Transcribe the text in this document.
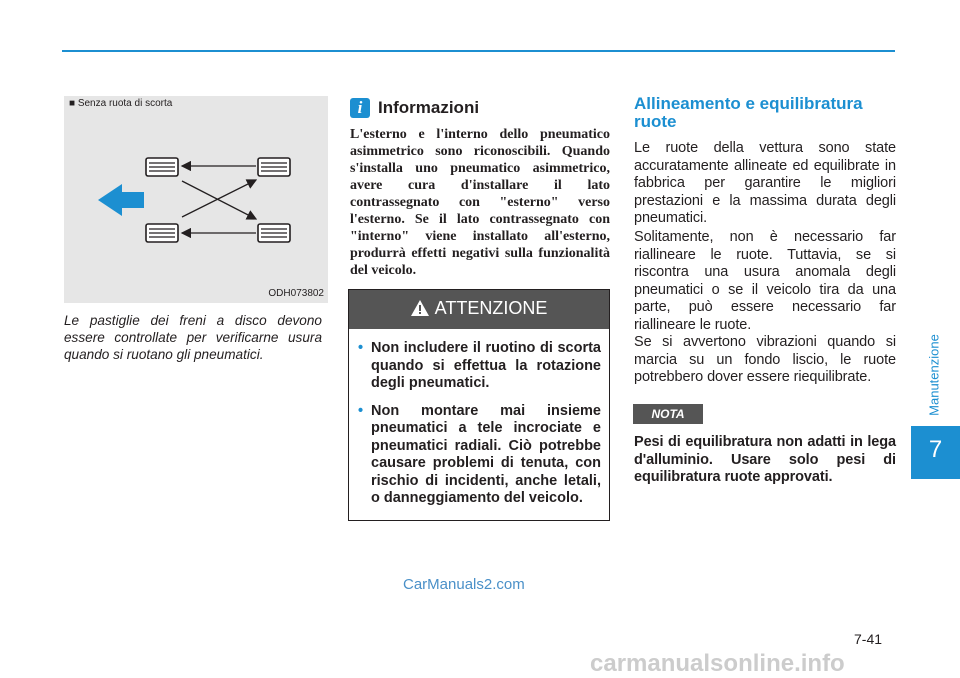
■ Senza ruota di scorta
ODH073802

Le pastiglie dei freni a disco devono essere controllate per verificarne usura quando si ruotano gli pneumatici.

i Informazioni

L'esterno e l'interno dello pneumatico asimmetrico sono riconoscibili. Quando s'installa uno pneumatico asimmetrico, avere cura d'installare il lato contrassegnato con "esterno" verso l'esterno. Se il lato contrassegnato con "interno" viene installato all'esterno, produrrà effetti negativi sulla funzionalità del veicolo.

ATTENZIONE
• Non includere il ruotino di scorta quando si effettua la rotazione degli pneumatici.
• Non montare mai insieme pneumatici a tele incrociate e pneumatici radiali. Ciò potrebbe causare problemi di tenuta, con rischio di incidenti, anche letali, o danneggiamento del veicolo.
Allineamento e equilibratura ruote

Le ruote della vettura sono state accuratamente allineate ed equilibrate in fabbrica per garantire le migliori prestazioni e la massima durata degli pneumatici.

Solitamente, non è necessario far riallineare le ruote. Tuttavia, se si riscontra una usura anomala degli pneumatici o se il veicolo tira da una parte, può essere necessario far riallineare le ruote.

Se si avvertono vibrazioni quando si marcia su un fondo liscio, le ruote potrebbero dover essere riequilibrate.

NOTA

Pesi di equilibratura non adatti in lega d'alluminio. Usare solo pesi di equilibratura ruote approvati.

Manutenzione
7
CarManuals2.com
7-41
carmanualsonline.info
